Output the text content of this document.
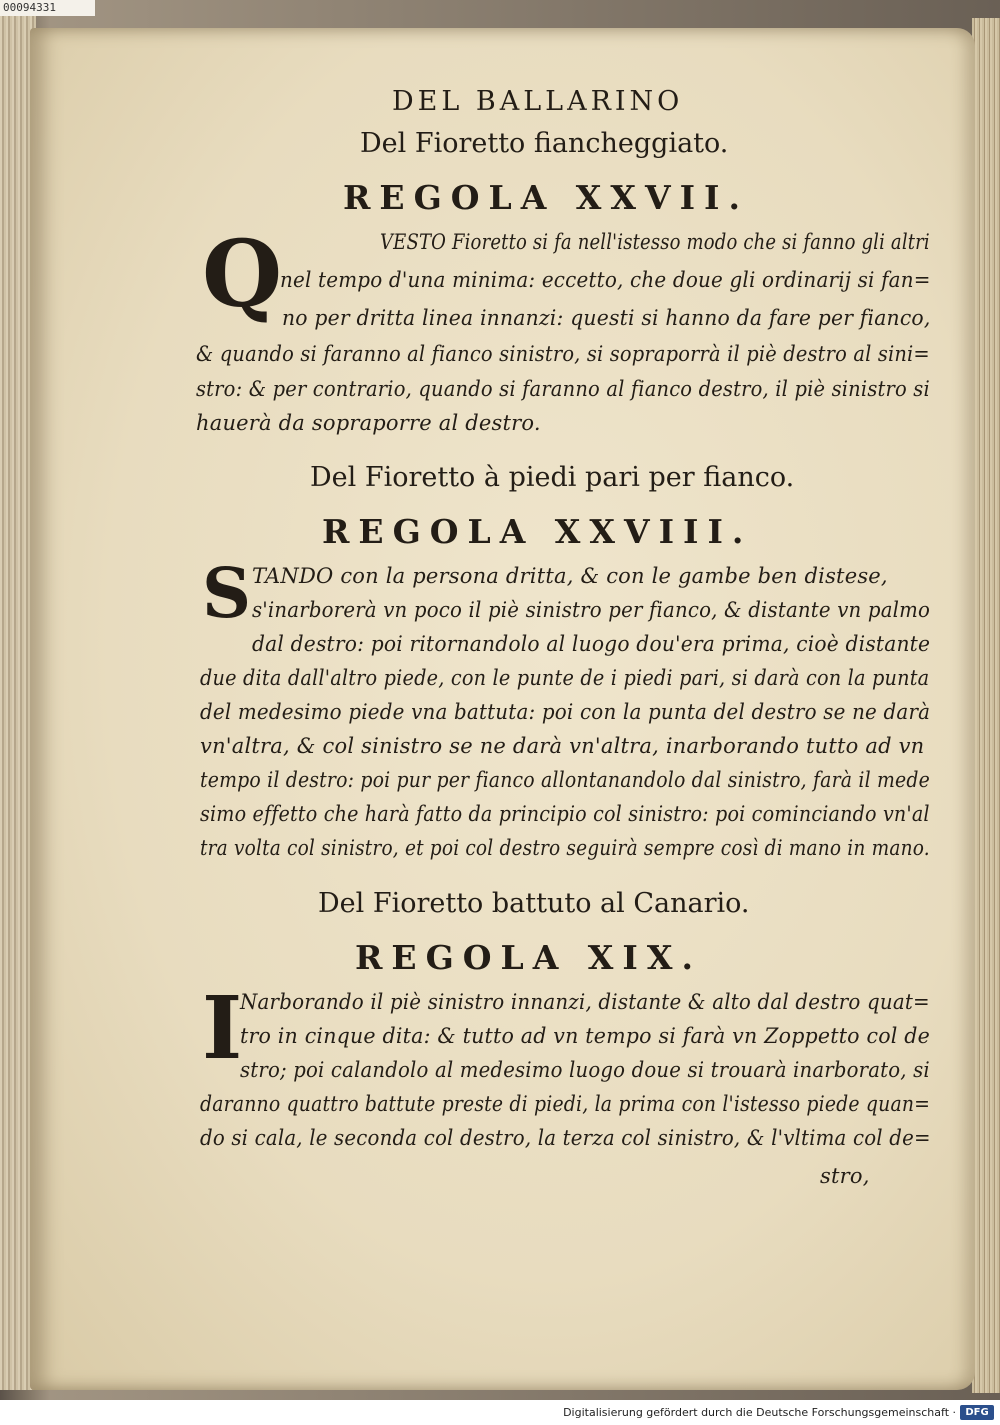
00094331
DEL BALLARINO
Del Fioretto fiancheggiato.
REGOLA XXVII.
Q	VESTO Fioretto si fa nell'istesso modo che si fanno gli altri
nel tempo d'una minima: eccetto, che doue gli ordinarij si fan=
no per dritta linea innanzi: questi si hanno da fare per fianco,
& quando si faranno al fianco sinistro, si sopraporrà il piè destro al sini=
stro: & per contrario, quando si faranno al fianco destro, il piè sinistro si
hauerà da sopraporre al destro.
Del Fioretto à piedi pari per fianco.
REGOLA XXVIII.
S TANDO con la persona dritta, & con le gambe ben distese,
s'inarborerà vn poco il piè sinistro per fianco, & distante vn palmo
dal destro: poi ritornandolo al luogo dou'era prima, cioè distante
due dita dall'altro piede, con le punte de i piedi pari, si darà con la punta
del medesimo piede vna battuta: poi con la punta del destro se ne darà
vn'altra, & col sinistro se ne darà vn'altra, inarborando tutto ad vn
tempo il destro: poi pur per fianco allontanandolo dal sinistro, farà il mede
simo effetto che harà fatto da principio col sinistro: poi cominciando vn'al
tra volta col sinistro, et poi col destro seguirà sempre così di mano in mano.
Del Fioretto battuto al Canario.
REGOLA XIX.
I
Narborando il piè sinistro innanzi, distante & alto dal destro quat=
tro in cinque dita: & tutto ad vn tempo si farà vn Zoppetto col de
stro; poi calandolo al medesimo luogo doue si trouarà inarborato, si
daranno quattro battute preste di piedi, la prima con l'istesso piede quan=
do si cala, le seconda col destro, la terza col sinistro, & l'vltima col de=
stro,
Digitalisierung gefördert durch die Deutsche Forschungsgemeinschaft · DFG
